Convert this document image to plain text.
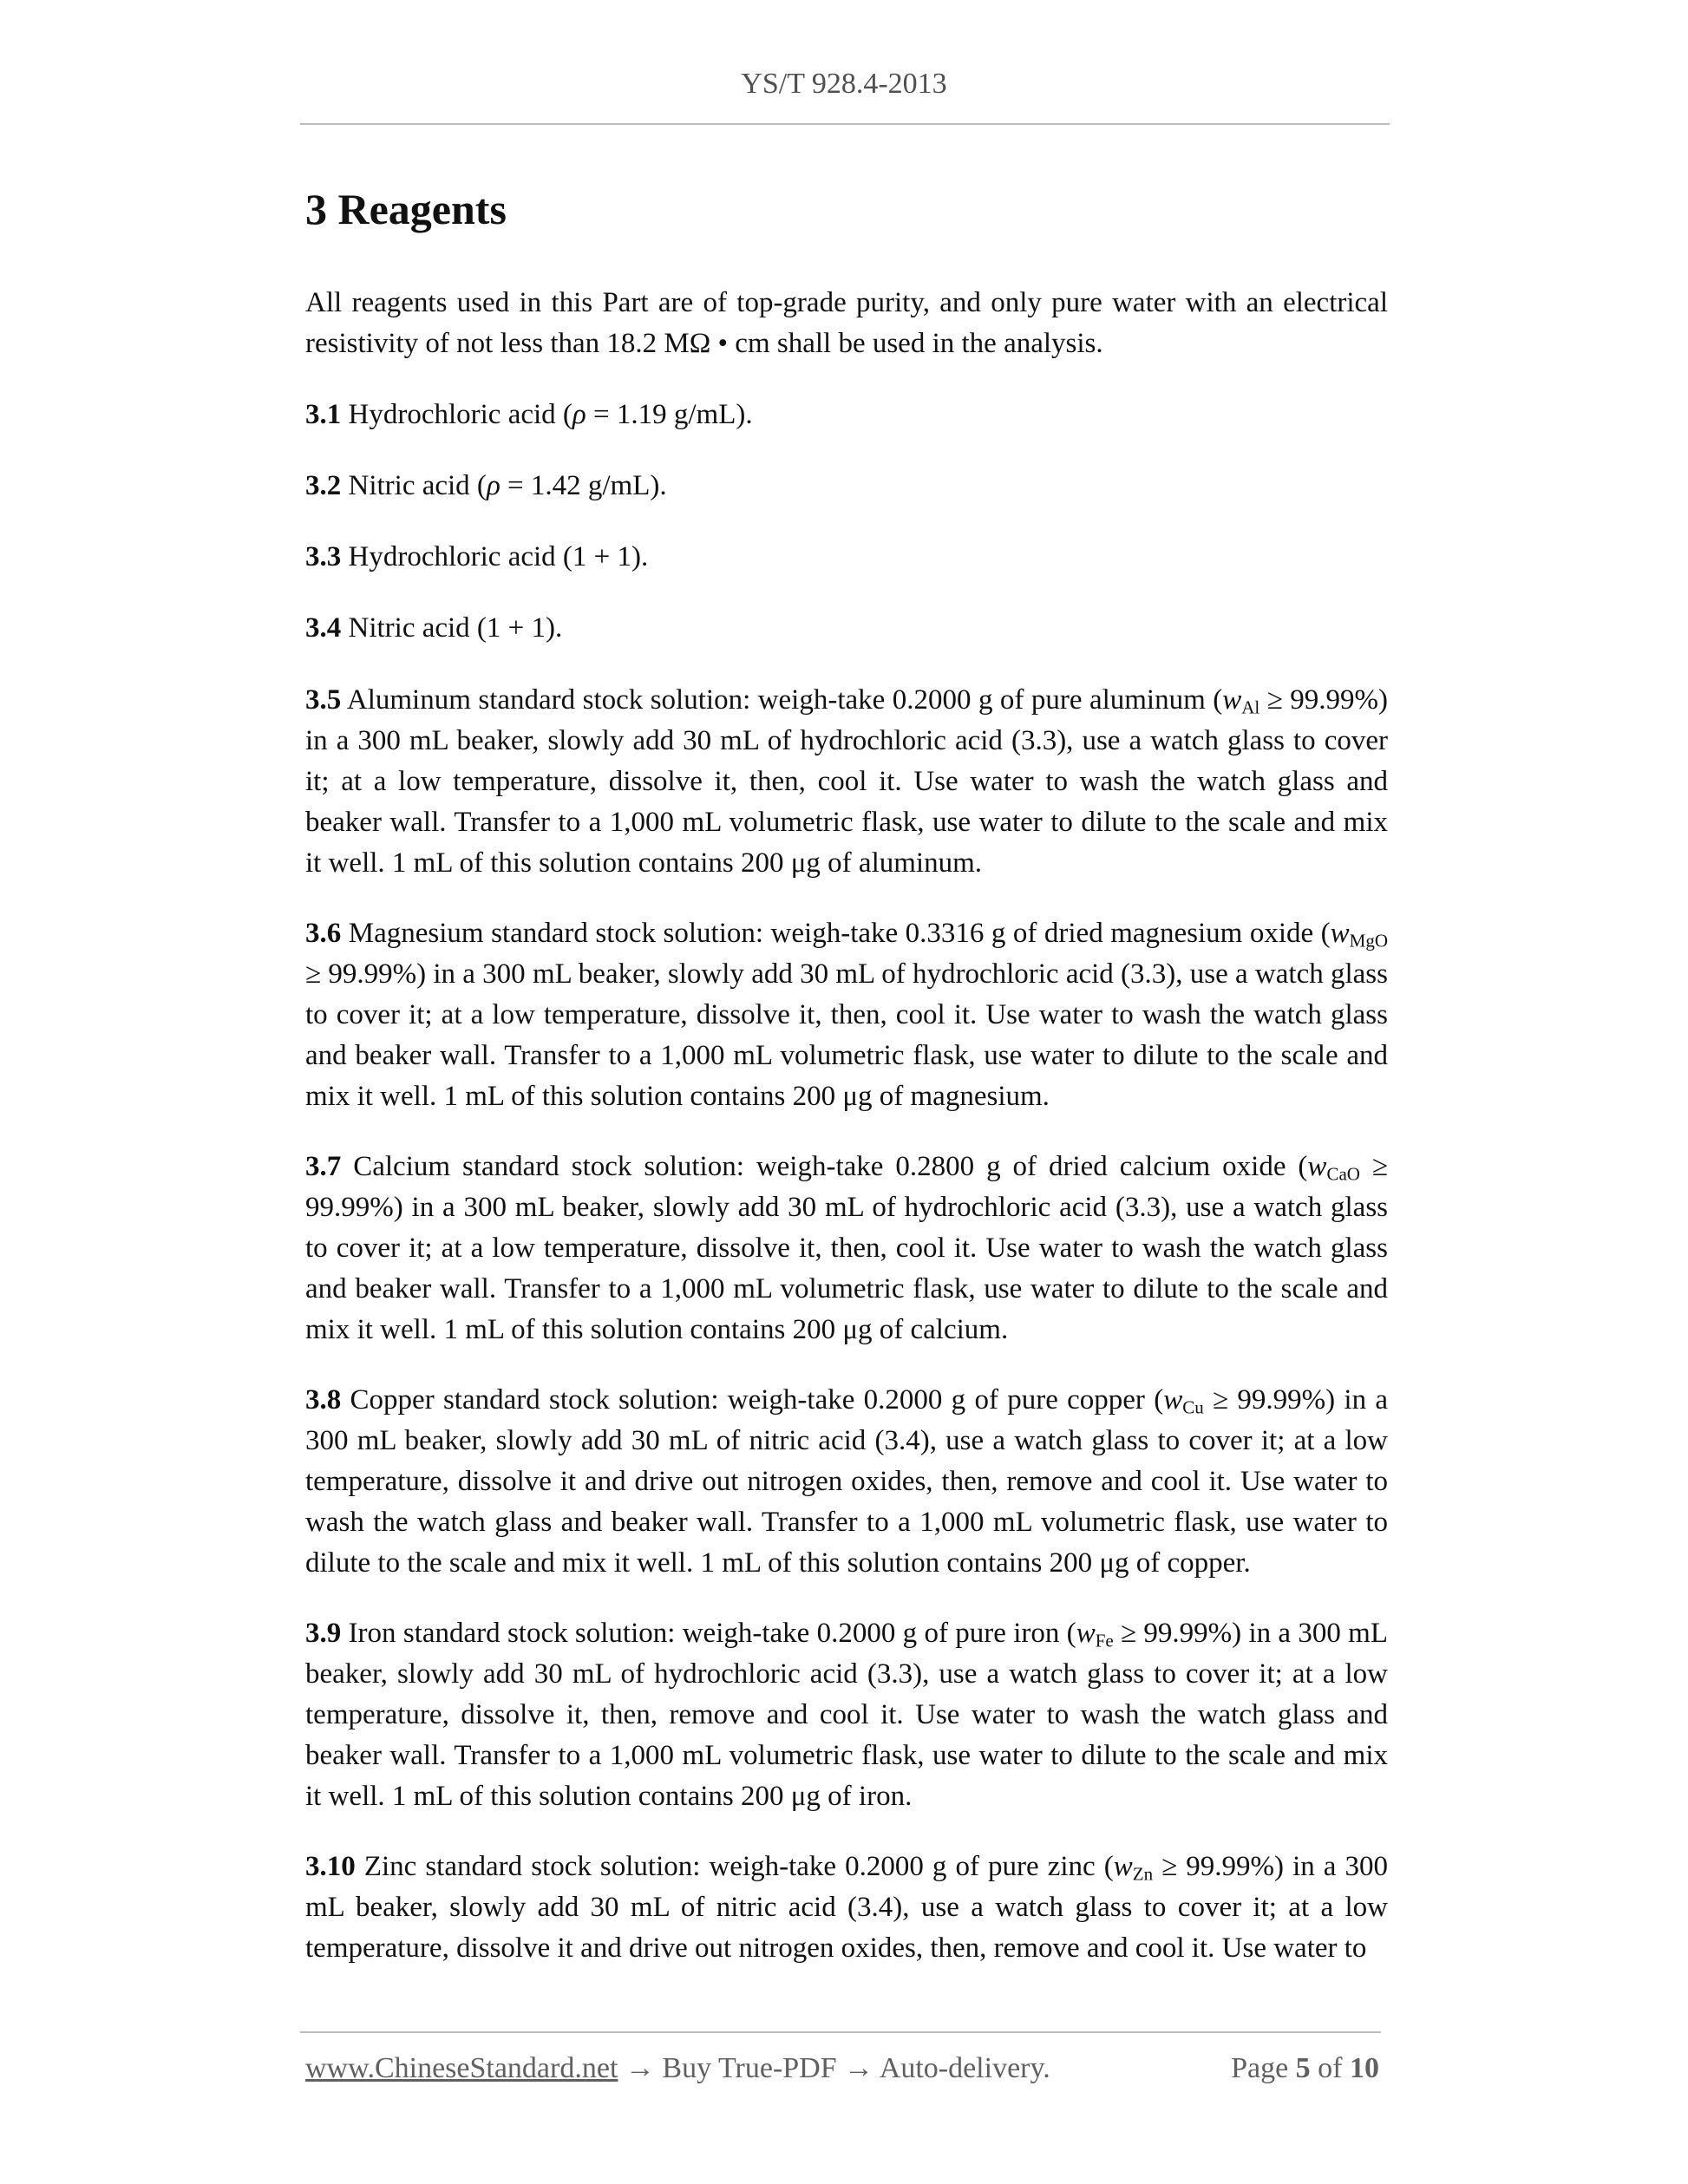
YS/T 928.4-2013
3 Reagents
All reagents used in this Part are of top-grade purity, and only pure water with an electrical resistivity of not less than 18.2 MΩ • cm shall be used in the analysis.
3.1 Hydrochloric acid (ρ = 1.19 g/mL).
3.2 Nitric acid (ρ = 1.42 g/mL).
3.3 Hydrochloric acid (1 + 1).
3.4 Nitric acid (1 + 1).
3.5 Aluminum standard stock solution: weigh-take 0.2000 g of pure aluminum $(w_{Al} \ge 99.99\%)$ in a 300 mL beaker, slowly add 30 mL of hydrochloric acid (3.3), use a watch glass to cover it; at a low temperature, dissolve it, then, cool it. Use water to wash the watch glass and beaker wall. Transfer to a 1,000 mL volumetric flask, use water to dilute to the scale and mix it well. 1 mL of this solution contains 200 μg of aluminum.
3.6 Magnesium standard stock solution: weigh-take 0.3316 g of dried magnesium oxide $(w_{MgO} \ge 99.99\%)$ in a 300 mL beaker, slowly add 30 mL of hydrochloric acid (3.3), use a watch glass to cover it; at a low temperature, dissolve it, then, cool it. Use water to wash the watch glass and beaker wall. Transfer to a 1,000 mL volumetric flask, use water to dilute to the scale and mix it well. 1 mL of this solution contains 200 μg of magnesium.
3.7 Calcium standard stock solution: weigh-take 0.2800 g of dried calcium oxide $(w_{CaO} \ge 99.99\%)$ in a 300 mL beaker, slowly add 30 mL of hydrochloric acid (3.3), use a watch glass to cover it; at a low temperature, dissolve it, then, cool it. Use water to wash the watch glass and beaker wall. Transfer to a 1,000 mL volumetric flask, use water to dilute to the scale and mix it well. 1 mL of this solution contains 200 μg of calcium.
3.8 Copper standard stock solution: weigh-take 0.2000 g of pure copper $(w_{Cu} \ge 99.99\%)$ in a 300 mL beaker, slowly add 30 mL of nitric acid (3.4), use a watch glass to cover it; at a low temperature, dissolve it and drive out nitrogen oxides, then, remove and cool it. Use water to wash the watch glass and beaker wall. Transfer to a 1,000 mL volumetric flask, use water to dilute to the scale and mix it well. 1 mL of this solution contains 200 μg of copper.
3.9 Iron standard stock solution: weigh-take 0.2000 g of pure iron $(w_{Fe} \ge 99.99\%)$ in a 300 mL beaker, slowly add 30 mL of hydrochloric acid (3.3), use a watch glass to cover it; at a low temperature, dissolve it, then, remove and cool it. Use water to wash the watch glass and beaker wall. Transfer to a 1,000 mL volumetric flask, use water to dilute to the scale and mix it well. 1 mL of this solution contains 200 μg of iron.
3.10 Zinc standard stock solution: weigh-take 0.2000 g of pure zinc $(w_{Zn} \ge 99.99\%)$ in a 300 mL beaker, slowly add 30 mL of nitric acid (3.4), use a watch glass to cover it; at a low temperature, dissolve it and drive out nitrogen oxides, then, remove and cool it. Use water to
www.ChineseStandard.net → Buy True-PDF → Auto-delivery.	Page 5 of 10
